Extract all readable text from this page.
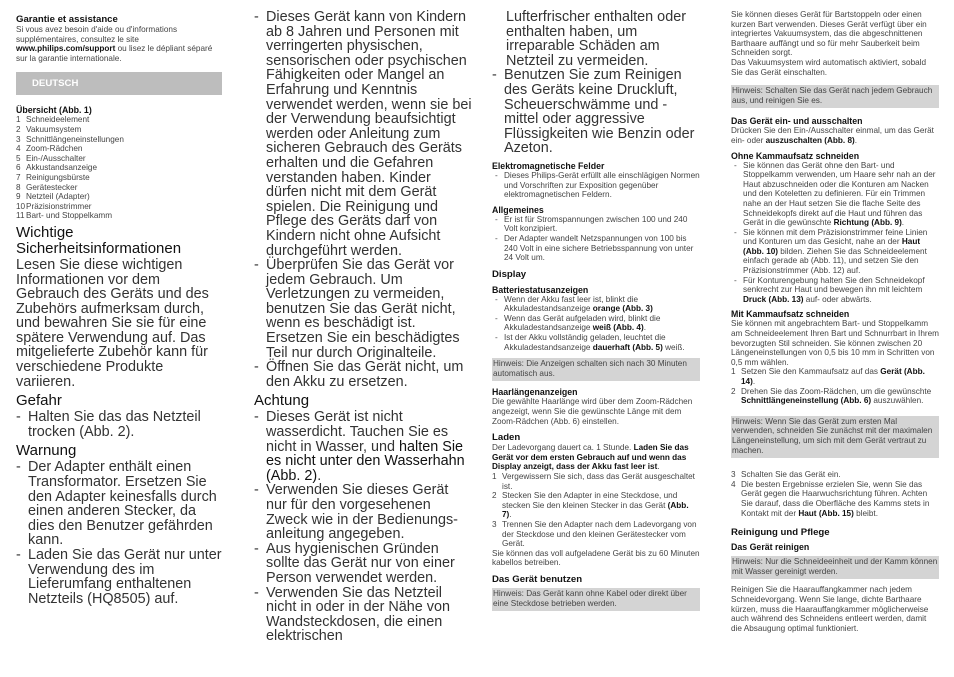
Garantie et assistance

Si vous avez besoin d'aide ou d'informations supplémentaires, consultez le site www.philips.com/support ou lisez le dépliant séparé sur la garantie internationale.

DEUTSCH
Übersicht (Abb. 1)
1 Schneideelement
2 Vakuumsystem
3 Schnittlängeneinstellungen
4 Zoom-Rädchen
5 Ein-/Ausschalter
6 Akkustandsanzeige
7 Reinigungsbürste
8 Gerätestecker
9 Netzteil (Adapter)
10 Präzisionstrimmer
11 Bart- und Stoppelkamm
Wichtige Sicherheitsinformationen

Lesen Sie diese wichtigen Informationen vor dem Gebrauch des Geräts und des Zubehörs aufmerksam durch, und bewahren Sie sie für eine spätere Verwendung auf. Das mitgelieferte Zubehör kann für verschiedene Produkte variieren.

Gefahr
- Halten Sie das das Netzteil trocken (Abb. 2).
Warnung
- Der Adapter enthält einen Transformator. Ersetzen Sie den Adapter keinesfalls durch einen anderen Stecker, da dies den Benutzer gefährden kann.
- Laden Sie das Gerät nur unter Verwendung des im Lieferumfang enthaltenen Netzteils (HQ8505) auf.
- Dieses Gerät kann von Kindern ab 8 Jahren und Personen mit verringerten physischen, sensorischen oder psychischen Fähigkeiten oder Mangel an Erfahrung und Kenntnis verwendet werden, wenn sie bei der Verwendung beaufsichtigt werden oder Anleitung zum sicheren Gebrauch des Geräts erhalten und die Gefahren verstanden haben. Kinder dürfen nicht mit dem Gerät spielen. Die Reinigung und Pflege des Geräts darf von Kindern nicht ohne Aufsicht durchgeführt werden.
- Überprüfen Sie das Gerät vor jedem Gebrauch. Um Verletzungen zu vermeiden, benutzen Sie das Gerät nicht, wenn es beschädigt ist. Ersetzen Sie ein beschädigtes Teil nur durch Originalteile.
- Öffnen Sie das Gerät nicht, um den Akku zu ersetzen.
Achtung
- Dieses Gerät ist nicht wasserdicht. Tauchen Sie es nicht in Wasser, und halten Sie es nicht unter den Wasserhahn (Abb. 2).
- Verwenden Sie dieses Gerät nur für den vorgesehenen Zweck wie in der Bedienungs-anleitung angegeben.
- Aus hygienischen Gründen sollte das Gerät nur von einer Person verwendet werden.
- Verwenden Sie das Netzteil nicht in oder in der Nähe von Wandsteckdosen, die einen elektrischen
Lufterfrischer enthalten oder enthalten haben, um irreparable Schäden am Netzteil zu vermeiden.
- Benutzen Sie zum Reinigen des Geräts keine Druckluft, Scheuerschwämme und -mittel oder aggressive Flüssigkeiten wie Benzin oder Azeton.
Elektromagnetische Felder
- Dieses Philips-Gerät erfüllt alle einschlägigen Normen und Vorschriften zur Exposition gegenüber elektromagnetischen Feldern.
Allgemeines
- Er ist für Stromspannungen zwischen 100 und 240 Volt konzipiert.
- Der Adapter wandelt Netzspannungen von 100 bis 240 Volt in eine sichere Betriebsspannung von unter 24 Volt um.
Display
Batteriestatusanzeigen
- Wenn der Akku fast leer ist, blinkt die Akkuladestandsanzeige orange (Abb. 3)
- Wenn das Gerät aufgeladen wird, blinkt die Akkuladestandsanzeige weiß (Abb. 4).
- Ist der Akku vollständig geladen, leuchtet die Akkuladestandsanzeige dauerhaft (Abb. 5) weiß.
Hinweis: Die Anzeigen schalten sich nach 30 Minuten automatisch aus.
Haarlängenanzeigen

Die gewählte Haarlänge wird über dem Zoom-Rädchen angezeigt, wenn Sie die gewünschte Länge mit dem Zoom-Rädchen (Abb. 6) einstellen.

Laden

Der Ladevorgang dauert ca. 1 Stunde. Laden Sie das Gerät vor dem ersten Gebrauch auf und wenn das Display anzeigt, dass der Akku fast leer ist.

1 Vergewissern Sie sich, dass das Gerät ausgeschaltet ist.
2 Stecken Sie den Adapter in eine Steckdose, und stecken Sie den kleinen Stecker in das Gerät (Abb. 7).
3 Trennen Sie den Adapter nach dem Ladevorgang von der Steckdose und den kleinen Gerätestecker vom Gerät.

Sie können das voll aufgeladene Gerät bis zu 60 Minuten kabellos betreiben.

Das Gerät benutzen
Hinweis: Das Gerät kann ohne Kabel oder direkt über eine Steckdose betrieben werden.

Sie können dieses Gerät für Bartstoppeln oder einen kurzen Bart verwenden. Dieses Gerät verfügt über ein integriertes Vakuumsystem, das die abgeschnittenen Barthaare auffängt und so für mehr Sauberkeit beim Schneiden sorgt.

Das Vakuumsystem wird automatisch aktiviert, sobald Sie das Gerät einschalten.

Hinweis: Schalten Sie das Gerät nach jedem Gebrauch aus, und reinigen Sie es.
Das Gerät ein- und ausschalten

Drücken Sie den Ein-/Ausschalter einmal, um das Gerät ein- oder auszuschalten (Abb. 8).

Ohne Kammaufsatz schneiden
- Sie können das Gerät ohne den Bart- und Stoppelkamm verwenden, um Haare sehr nah an der Haut abzuschneiden oder die Konturen am Nacken und den Koteletten zu definieren. Für ein Trimmen nahe an der Haut setzen Sie die flache Seite des Schneidekopfs direkt auf die Haut und führen das Gerät in die gewünschte Richtung (Abb. 9).
- Sie können mit dem Präzisionstrimmer feine Linien und Konturen um das Gesicht, nahe an der Haut (Abb. 10) bilden. Ziehen Sie das Schneideelement einfach gerade ab (Abb. 11), und setzen Sie den Präzisionstrimmer (Abb. 12) auf.
- Für Konturengebung halten Sie den Schneidekopf senkrecht zur Haut und bewegen ihn mit leichtem Druck (Abb. 13) auf- oder abwärts.
Mit Kammaufsatz schneiden

Sie können mit angebrachtem Bart- und Stoppelkamm am Schneideelement Ihren Bart und Schnurrbart in Ihrem bevorzugten Stil schneiden. Sie können zwischen 20 Längeneinstellungen von 0,5 bis 10 mm in Schritten von 0,5 mm wählen.

1 Setzen Sie den Kammaufsatz auf das Gerät (Abb. 14).
2 Drehen Sie das Zoom-Rädchen, um die gewünschte Schnittlängeneinstellung (Abb. 6) auszuwählen.
Hinweis: Wenn Sie das Gerät zum ersten Mal verwenden, schneiden Sie zunächst mit der maximalen Längeneinstellung, um sich mit dem Gerät vertraut zu machen.
3 Schalten Sie das Gerät ein.
4 Die besten Ergebnisse erzielen Sie, wenn Sie das Gerät gegen die Haarwuchsrichtung führen. Achten Sie darauf, dass die Oberfläche des Kamms stets in Kontakt mit der Haut (Abb. 15) bleibt.
Reinigung und Pflege
Das Gerät reinigen
Hinweis: Nur die Schneideeinheit und der Kamm können mit Wasser gereinigt werden.

Reinigen Sie die Haarauffangkammer nach jedem Schneidevorgang. Wenn Sie lange, dichte Barthaare kürzen, muss die Haarauffangkammer möglicherweise auch während des Schneidens entleert werden, damit die Absaugung optimal funktioniert.
